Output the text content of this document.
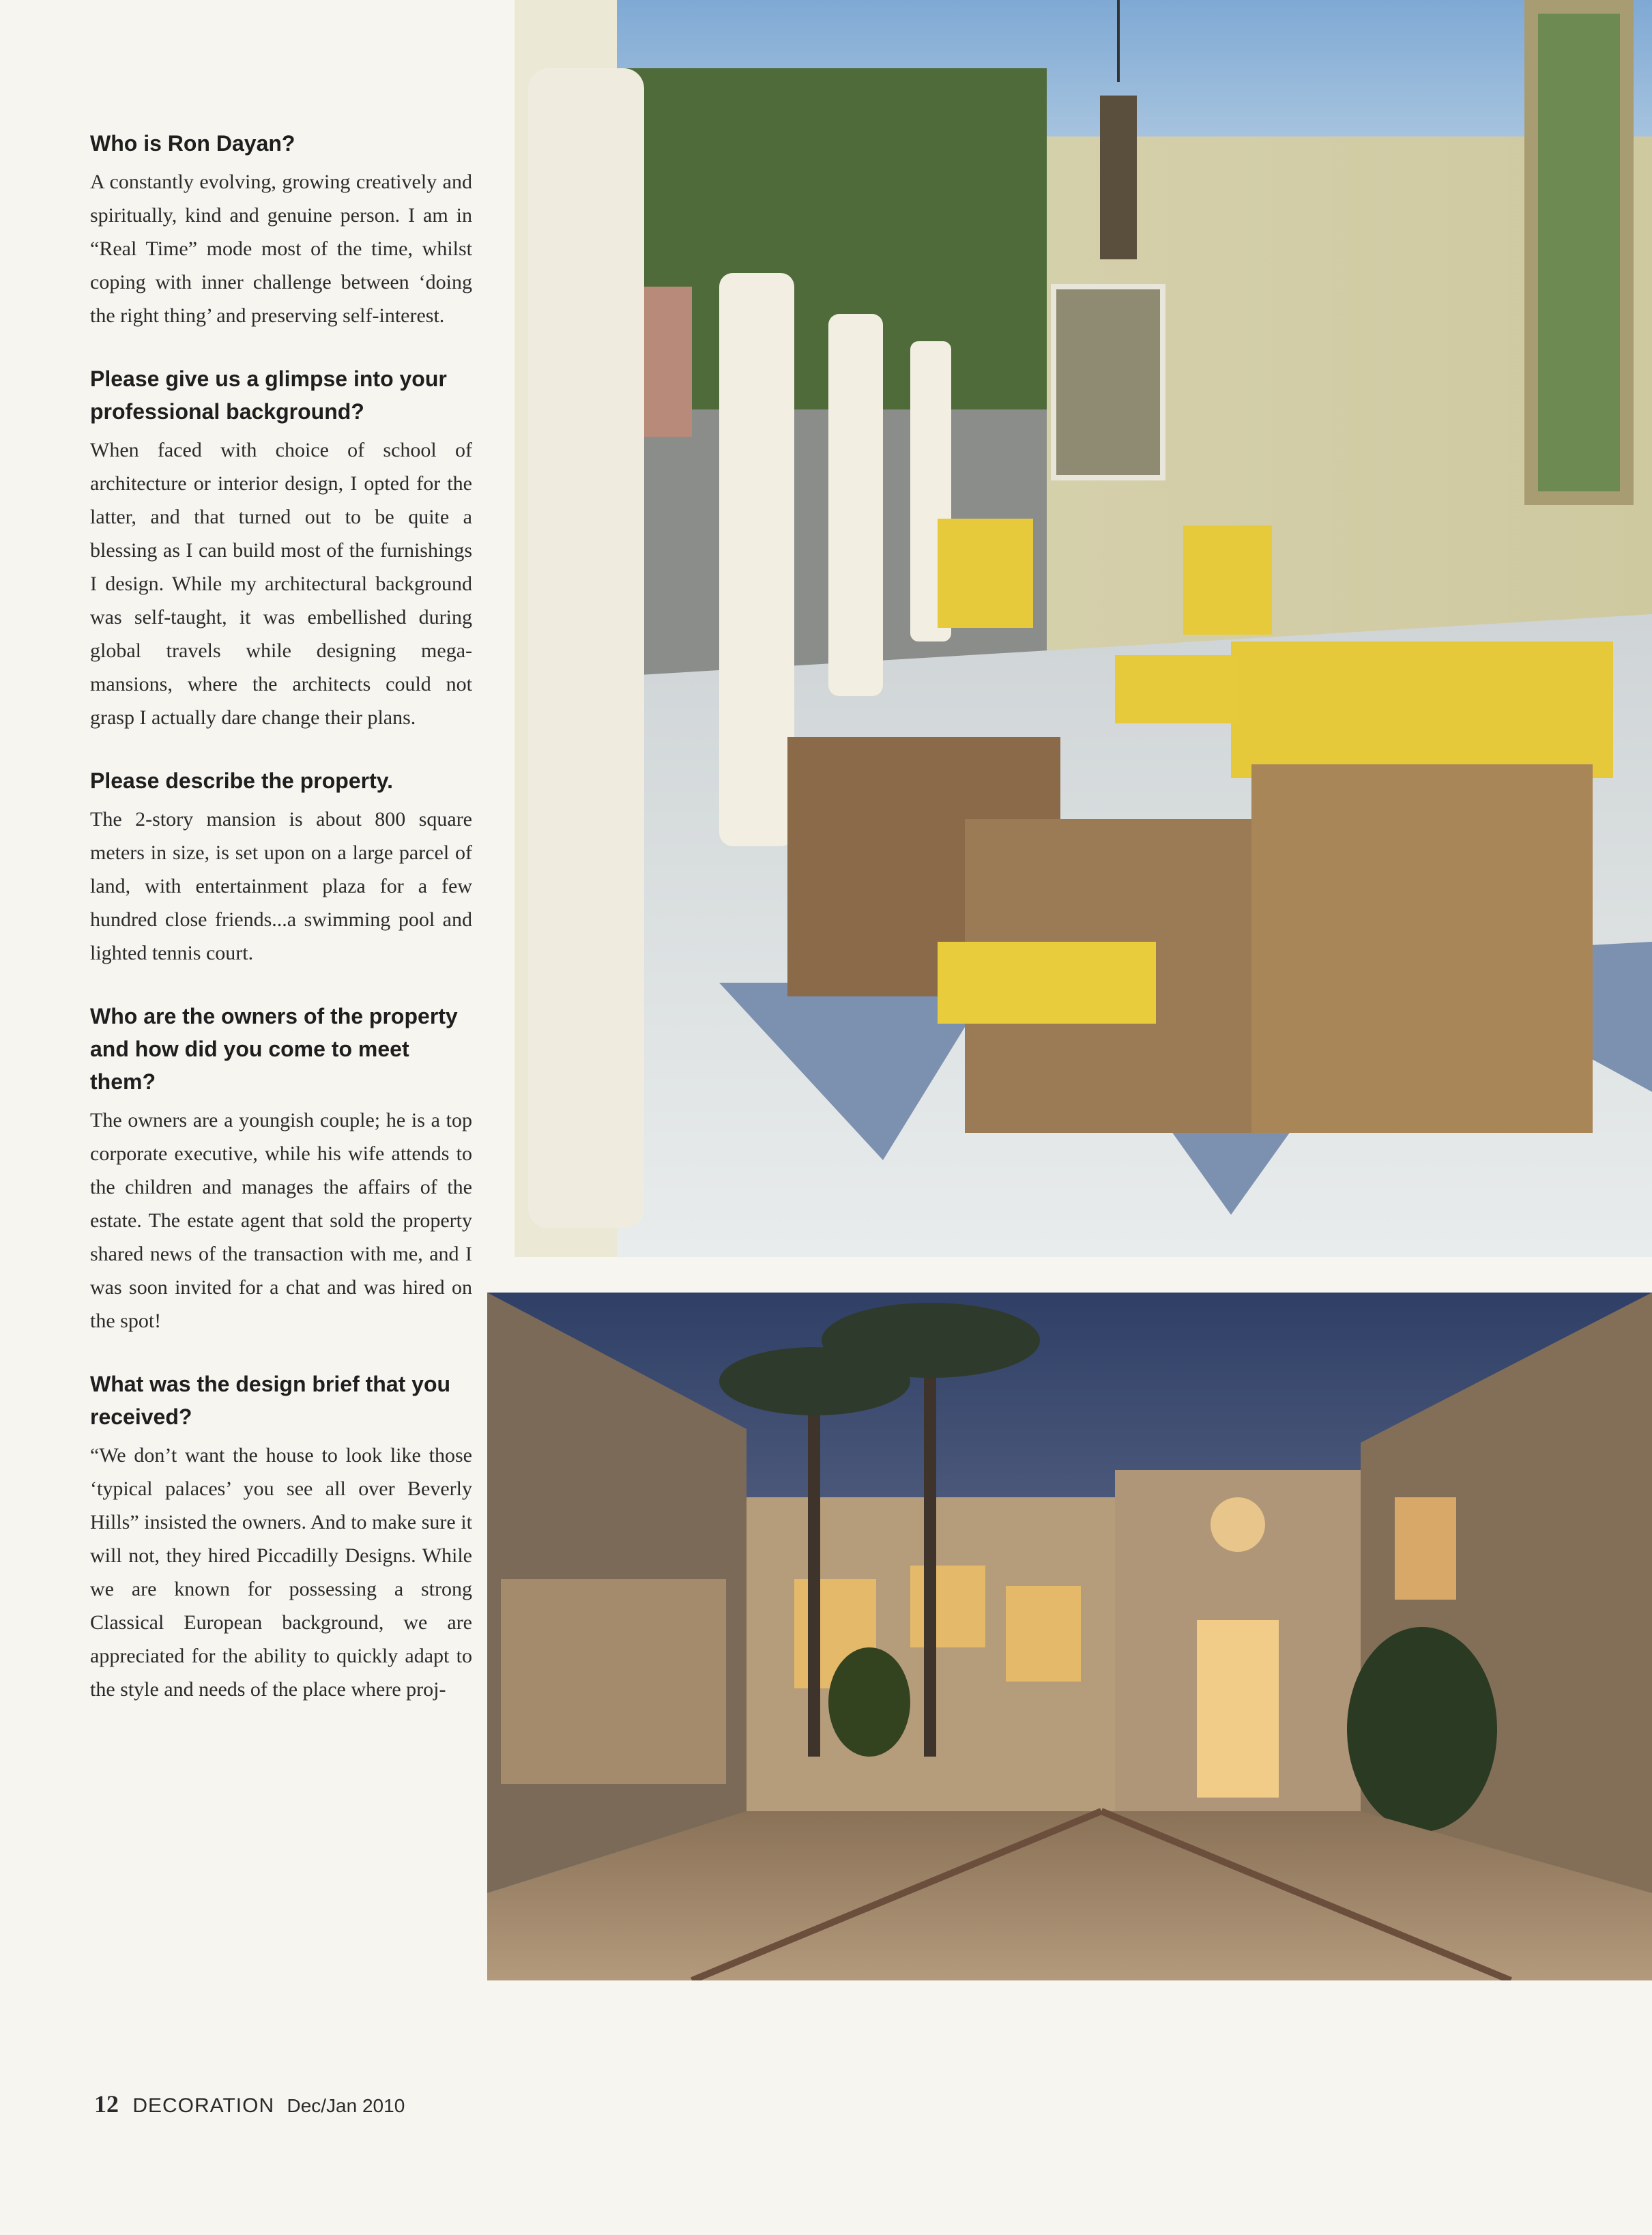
Who is Ron Dayan?

A constantly evolving, growing creatively and spiritually, kind and genuine person. I am in “Real Time” mode most of the time, whilst coping with inner challenge between ‘doing the right thing’ and preserving self-interest.

Please give us a glimpse into your professional background?

When faced with choice of school of architecture or interior design, I opted for the latter, and that turned out to be quite a blessing as I can build most of the furnishings I design. While my architectural background was self-taught, it was embellished during global travels while designing mega-mansions, where the architects could not grasp I actually dare change their plans.

Please describe the property.

The 2-story mansion is about 800 square meters in size, is set upon on a large parcel of land, with entertainment plaza for a few hundred close friends...a swimming pool and lighted tennis court.

Who are the owners of the property and how did you come to meet them?

The owners are a youngish couple; he is a top corporate executive, while his wife attends to the children and manages the affairs of the estate. The estate agent that sold the property shared news of the transaction with me, and I was soon invited for a chat and was hired on the spot!

What was the design brief that you received?

“We don’t want the house to look like those ‘typical palaces’ you see all over Beverly Hills” insisted the owners. And to make sure it will not, they hired Piccadilly Designs. While we are known for possessing a strong Classical European background, we are appreciated for the ability to quickly adapt to the style and needs of the place where proj-

12 DECORATION Dec/Jan 2010
